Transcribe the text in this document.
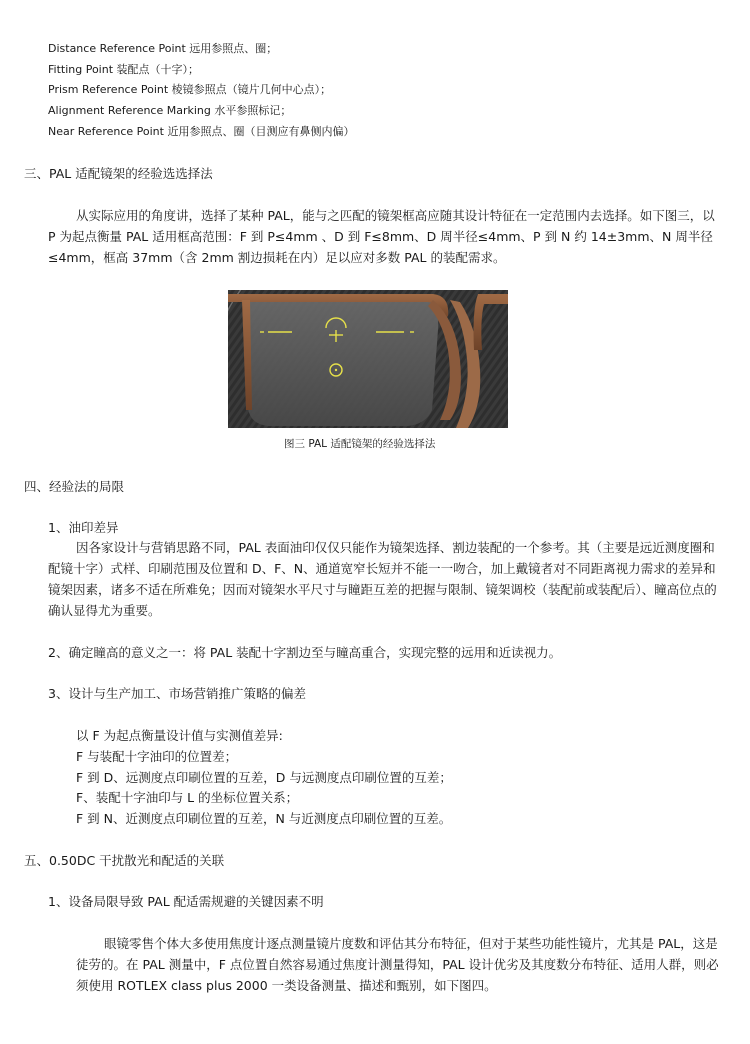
Distance Reference Point 远用参照点、圈；
Fitting Point 装配点（十字）；
Prism Reference Point 棱镜参照点（镜片几何中心点）；
Alignment Reference Marking 水平参照标记；
Near Reference Point 近用参照点、圈（目测应有鼻侧内偏）
三、PAL 适配镜架的经验选选择法
从实际应用的角度讲，选择了某种 PAL，能与之匹配的镜架框高应随其设计特征在一定范围内去选择。如下图三，以 P 为起点衡量 PAL 适用框高范围：F 到 P≤4mm 、D 到 F≤8mm、D 周半径≤4mm、P 到 N 约 14±3mm、N 周半径≤4mm，框高 37mm（含 2mm 割边损耗在内）足以应对多数 PAL 的装配需求。
图三 PAL 适配镜架的经验选择法
四、经验法的局限
1、油印差异
因各家设计与营销思路不同，PAL 表面油印仅仅只能作为镜架选择、割边装配的一个参考。其（主要是远近测度圈和配镜十字）式样、印刷范围及位置和 D、F、N、通道宽窄长短并不能一一吻合，加上戴镜者对不同距离视力需求的差异和镜架因素，诸多不适在所难免；因而对镜架水平尺寸与瞳距互差的把握与限制、镜架调校（装配前或装配后）、瞳高位点的确认显得尤为重要。
2、确定瞳高的意义之一：将 PAL 装配十字割边至与瞳高重合，实现完整的远用和近读视力。
3、设计与生产加工、市场营销推广策略的偏差
以 F 为起点衡量设计值与实测值差异:
F 与装配十字油印的位置差；
F 到 D、远测度点印刷位置的互差，D 与远测度点印刷位置的互差；
F、装配十字油印与 L 的坐标位置关系；
F 到 N、近测度点印刷位置的互差，N 与近测度点印刷位置的互差。
五、0.50DC 干扰散光和配适的关联
1、设备局限导致 PAL 配适需规避的关键因素不明
眼镜零售个体大多使用焦度计逐点测量镜片度数和评估其分布特征，但对于某些功能性镜片，尤其是 PAL，这是徒劳的。在 PAL 测量中，F 点位置自然容易通过焦度计测量得知，PAL 设计优劣及其度数分布特征、适用人群，则必须使用 ROTLEX class plus 2000 一类设备测量、描述和甄别，如下图四。
